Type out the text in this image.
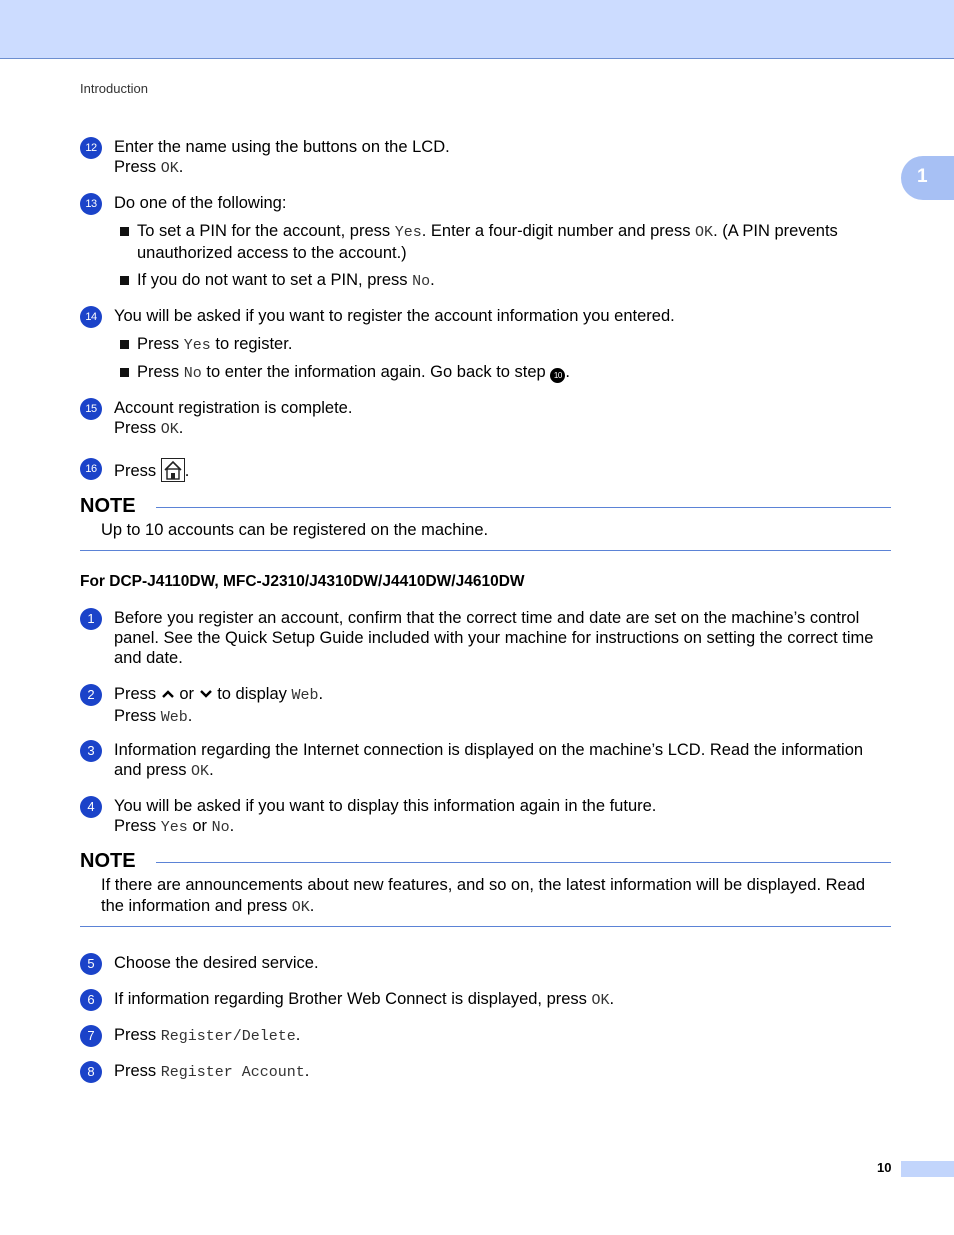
Introduction
1
12	Enter the name using the buttons on the LCD.
Press OK.
13	Do one of the following:
To set a PIN for the account, press Yes. Enter a four-digit number and press OK. (A PIN prevents unauthorized access to the account.)
If you do not want to set a PIN, press No.
14	You will be asked if you want to register the account information you entered.
Press Yes to register.
Press No to enter the information again. Go back to step 10 .
15	Account registration is complete.
Press OK.
16	Press .
NOTE
Up to 10 accounts can be registered on the machine.
For DCP-J4110DW, MFC-J2310/J4310DW/J4410DW/J4610DW
1	Before you register an account, confirm that the correct time and date are set on the machine’s control panel. See the Quick Setup Guide included with your machine for instructions on setting the correct time and date.
2	Press  or  to display Web.
Press Web.
3	Information regarding the Internet connection is displayed on the machine’s LCD. Read the information and press OK.
4	You will be asked if you want to display this information again in the future.
Press Yes or No.
NOTE
If there are announcements about new features, and so on, the latest information will be displayed. Read the information and press OK.
5	Choose the desired service.
6	If information regarding Brother Web Connect is displayed, press OK.
7	Press Register/Delete.
8	Press Register Account.
10
